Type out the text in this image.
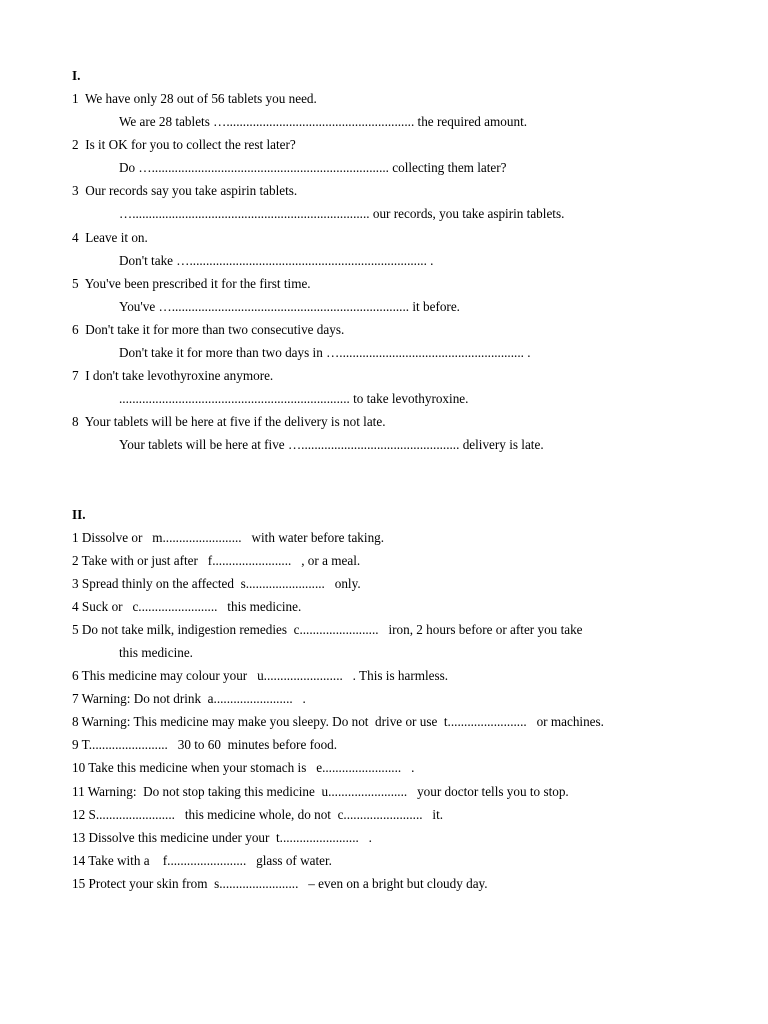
I.
1  We have only 28 out of 56 tablets you need.
We are 28 tablets …......................................................... the required amount.
2  Is it OK for you to collect the rest later?
Do …........................................................................ collecting them later?
3  Our records say you take aspirin tablets.
…........................................................................ our records, you take aspirin tablets.
4  Leave it on.
Don't take …........................................................................ .
5  You've been prescribed it for the first time.
You've …........................................................................ it before.
6  Don't take it for more than two consecutive days.
Don't take it for more than two days in …........................................................ .
7  I don't take levothyroxine anymore.
...................................................................... to take levothyroxine.
8  Your tablets will be here at five if the delivery is not late.
Your tablets will be here at five …................................................ delivery is late.
II.
1 Dissolve or   m........................   with water before taking.
2 Take with or just after   f........................   , or a meal.
3 Spread thinly on the affected  s........................   only.
4 Suck or   c........................   this medicine.
5 Do not take milk, indigestion remedies  c........................   iron, 2 hours before or after you take
this medicine.
6 This medicine may colour your   u........................   . This is harmless.
7 Warning: Do not drink  a........................   .
8 Warning: This medicine may make you sleepy. Do not  drive or use  t........................   or machines.
9 T........................   30 to 60  minutes before food.
10 Take this medicine when your stomach is   e........................   .
11 Warning:  Do not stop taking this medicine  u........................   your doctor tells you to stop.
12 S........................   this medicine whole, do not  c........................   it.
13 Dissolve this medicine under your  t........................   .
14 Take with a    f........................   glass of water.
15 Protect your skin from  s........................   – even on a bright but cloudy day.
